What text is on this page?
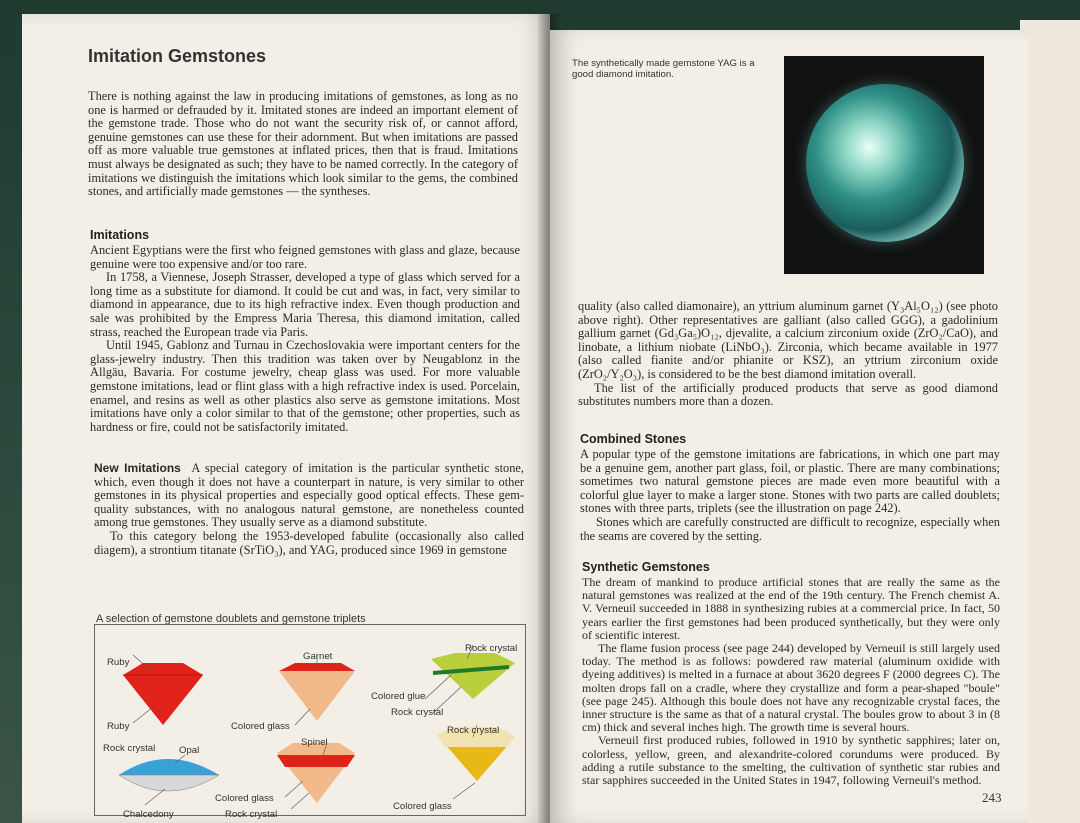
Imitation Gemstones

There is nothing against the law in producing imitations of gemstones, as long as no one is harmed or defrauded by it. Imitated stones are indeed an important element of the gemstone trade. Those who do not want the security risk of, or cannot afford, genuine gemstones can use these for their adornment. But when imitations are passed off as more valuable true gemstones at inflated prices, then that is fraud. Imitations must always be designated as such; they have to be named correctly. In the category of imitations we distinguish the imitations which look similar to the gems, the combined stones, and artificially made gemstones — the syntheses.

Imitations

Ancient Egyptians were the first who feigned gemstones with glass and glaze, because genuine were too expensive and/or too rare.

In 1758, a Viennese, Joseph Strasser, developed a type of glass which served for a long time as a substitute for diamond. It could be cut and was, in fact, very similar to diamond in appearance, due to its high refractive index. Even though production and sale was prohibited by the Empress Maria Theresa, this diamond imitation, called strass, reached the European trade via Paris.

Until 1945, Gablonz and Turnau in Czechoslovakia were important centers for the glass-jewelry industry. Then this tradition was taken over by Neugablonz in the Allgäu, Bavaria. For costume jewelry, cheap glass was used. For more valuable gemstone imitations, lead or flint glass with a high refractive index is used. Porcelain, enamel, and resins as well as other plastics also serve as gemstone imitations. Most imitations have only a color similar to that of the gemstone; other properties, such as hardness or fire, could not be satisfactorily imitated.

New Imitations A special category of imitation is the particular synthetic stone, which, even though it does not have a counterpart in nature, is very similar to other gemstones in its physical properties and especially good optical effects. These gem-quality substances, with no analogous natural gemstone, are nonetheless counted among true gemstones. They usually serve as a diamond substitute.

To this category belong the 1953-developed fabulite (occasionally also called diagem), a strontium titanate (SrTiO₃), and YAG, produced since 1969 in gemstone

A selection of gemstone doublets and gemstone triplets
Ruby
Ruby
Garnet
Colored glass
Rock crystal
Colored glue
Rock crystal
Rock crystal
Rock crystal Opal
Spinel
Chalcedony
Colored glass
Rock crystal
Colored glass
The synthetically made gemstone YAG is a good diamond imitation.

quality (also called diamonaire), an yttrium aluminum garnet (Y₃Al₅O₁₂) (see photo above right). Other representatives are galliant (also called GGG), a gadolinium gallium garnet (Gd₃Ga₅)O₁₂, djevalite, a calcium zirconium oxide (ZrO₂/CaO), and linobate, a lithium niobate (LiNbO₃). Zirconia, which became available in 1977 (also called fianite and/or phianite or KSZ), an yttrium zirconium oxide (ZrO₂/Y₂O₃), is considered to be the best diamond imitation overall.

The list of the artificially produced products that serve as good diamond substitutes numbers more than a dozen.

Combined Stones

A popular type of the gemstone imitations are fabrications, in which one part may be a genuine gem, another part glass, foil, or plastic. There are many combinations; sometimes two natural gemstone pieces are made even more beautiful with a colorful glue layer to make a larger stone. Stones with two parts are called doublets; stones with three parts, triplets (see the illustration on page 242).

Stones which are carefully constructed are difficult to recognize, especially when the seams are covered by the setting.

Synthetic Gemstones

The dream of mankind to produce artificial stones that are really the same as the natural gemstones was realized at the end of the 19th century. The French chemist A. V. Verneuil succeeded in 1888 in synthesizing rubies at a commercial price. In fact, 50 years earlier the first gemstones had been produced synthetically, but they were only of scientific interest.

The flame fusion process (see page 244) developed by Verneuil is still largely used today. The method is as follows: powdered raw material (aluminum oxidide with dyeing additives) is melted in a furnace at about 3620 degrees F (2000 degrees C). The molten drops fall on a cradle, where they crystallize and form a pear-shaped "boule" (see page 245). Although this boule does not have any recognizable crystal faces, the inner structure is the same as that of a natural crystal. The boules grow to about 3 in (8 cm) thick and several inches high. The growth time is several hours.

Verneuil first produced rubies, followed in 1910 by synthetic sapphires; later on, colorless, yellow, green, and alexandrite-colored corundums were produced. By adding a rutile substance to the smelting, the cultivation of synthetic star rubies and star sapphires succeeded in the United States in 1947, following Verneuil's method.

243
